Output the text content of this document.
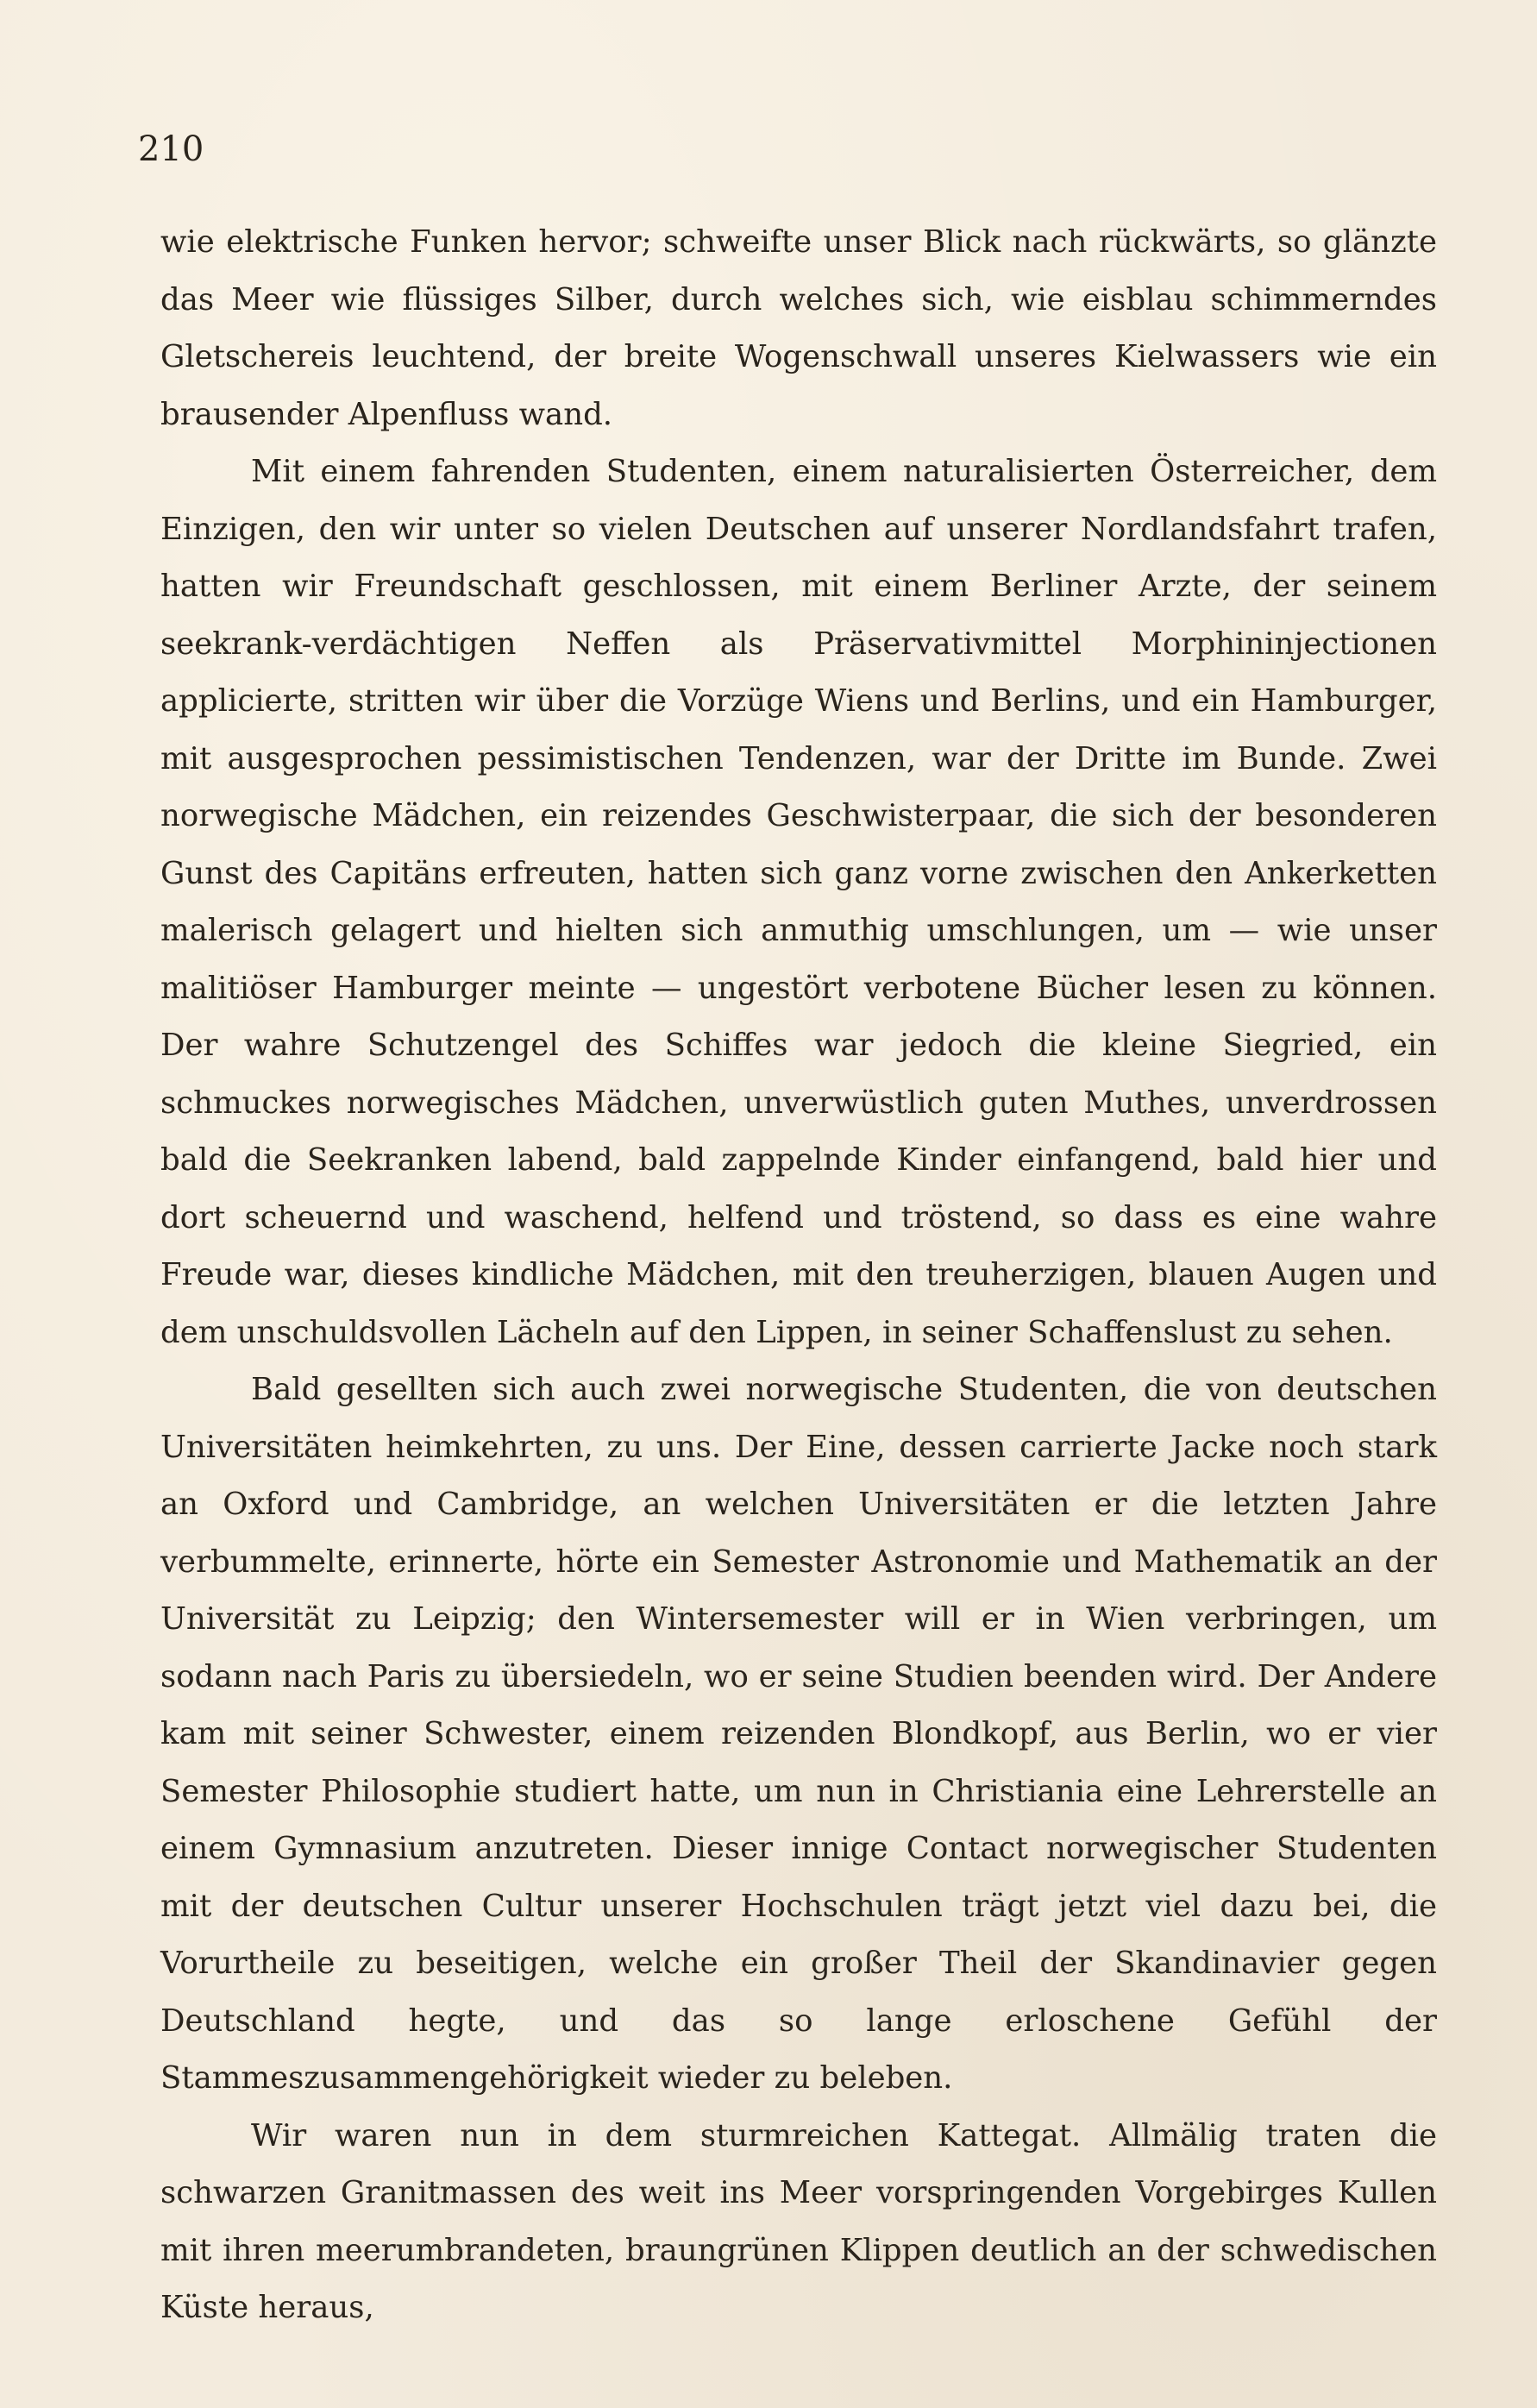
210

wie elektrische Funken hervor; schweifte unser Blick nach rückwärts, so glänzte das Meer wie flüssiges Silber, durch welches sich, wie eisblau schimmerndes Gletschereis leuchtend, der breite Wogenschwall unseres Kielwassers wie ein brausender Alpenfluss wand.

Mit einem fahrenden Studenten, einem naturalisierten Österreicher, dem Einzigen, den wir unter so vielen Deutschen auf unserer Nordlandsfahrt trafen, hatten wir Freundschaft geschlossen, mit einem Berliner Arzte, der seinem seekrank-verdächtigen Neffen als Präservativmittel Morphininjectionen applicierte, stritten wir über die Vorzüge Wiens und Berlins, und ein Hamburger, mit ausgesprochen pessimistischen Tendenzen, war der Dritte im Bunde. Zwei norwegische Mädchen, ein reizendes Geschwisterpaar, die sich der besonderen Gunst des Capitäns erfreuten, hatten sich ganz vorne zwischen den Ankerketten malerisch gelagert und hielten sich anmuthig umschlungen, um — wie unser malitiöser Hamburger meinte — ungestört verbotene Bücher lesen zu können. Der wahre Schutzengel des Schiffes war jedoch die kleine Siegried, ein schmuckes norwegisches Mädchen, unverwüstlich guten Muthes, unverdrossen bald die Seekranken labend, bald zappelnde Kinder einfangend, bald hier und dort scheuernd und waschend, helfend und tröstend, so dass es eine wahre Freude war, dieses kindliche Mädchen, mit den treuherzigen, blauen Augen und dem unschuldsvollen Lächeln auf den Lippen, in seiner Schaffenslust zu sehen.

Bald gesellten sich auch zwei norwegische Studenten, die von deutschen Universitäten heimkehrten, zu uns. Der Eine, dessen carrierte Jacke noch stark an Oxford und Cambridge, an welchen Universitäten er die letzten Jahre verbummelte, erinnerte, hörte ein Semester Astronomie und Mathematik an der Universität zu Leipzig; den Wintersemester will er in Wien verbringen, um sodann nach Paris zu übersiedeln, wo er seine Studien beenden wird. Der Andere kam mit seiner Schwester, einem reizenden Blondkopf, aus Berlin, wo er vier Semester Philosophie studiert hatte, um nun in Christiania eine Lehrerstelle an einem Gymnasium anzutreten. Dieser innige Contact norwegischer Studenten mit der deutschen Cultur unserer Hochschulen trägt jetzt viel dazu bei, die Vorurtheile zu beseitigen, welche ein großer Theil der Skandinavier gegen Deutschland hegte, und das so lange erloschene Gefühl der Stammeszusammengehörigkeit wieder zu beleben.

Wir waren nun in dem sturmreichen Kattegat. Allmälig traten die schwarzen Granitmassen des weit ins Meer vorspringenden Vorgebirges Kullen mit ihren meerumbrandeten, braungrünen Klippen deutlich an der schwedischen Küste heraus,
